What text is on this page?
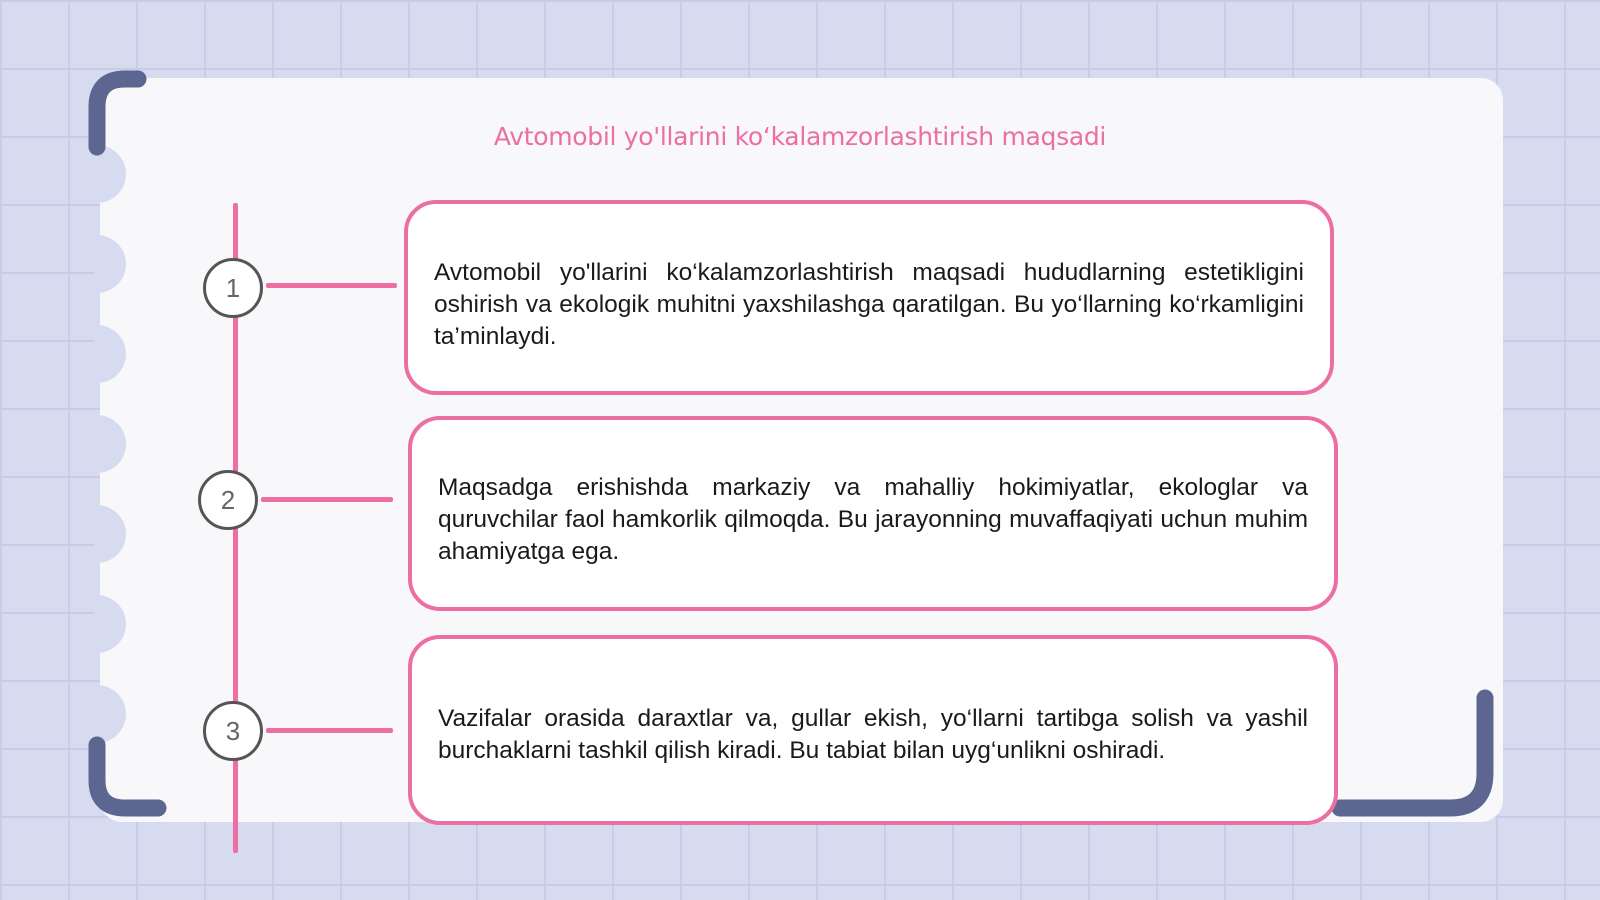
Avtomobil yo'llarini ko‘kalamzorlashtirish maqsadi
1	Avtomobil yo'llarini ko‘kalamzorlashtirish maqsadi hududlarning estetikligini oshirish va ekologik muhitni yaxshilashga qaratilgan. Bu yo‘llarning ko‘rkamligini ta’minlaydi.

2	Maqsadga erishishda markaziy va mahalliy hokimiyatlar, ekologlar va quruvchilar faol hamkorlik qilmoqda. Bu jarayonning muvaffaqiyati uchun muhim ahamiyatga ega.

3	Vazifalar orasida daraxtlar va, gullar ekish, yo‘llarni tartibga solish va yashil burchaklarni tashkil qilish kiradi. Bu tabiat bilan uyg‘unlikni oshiradi.
